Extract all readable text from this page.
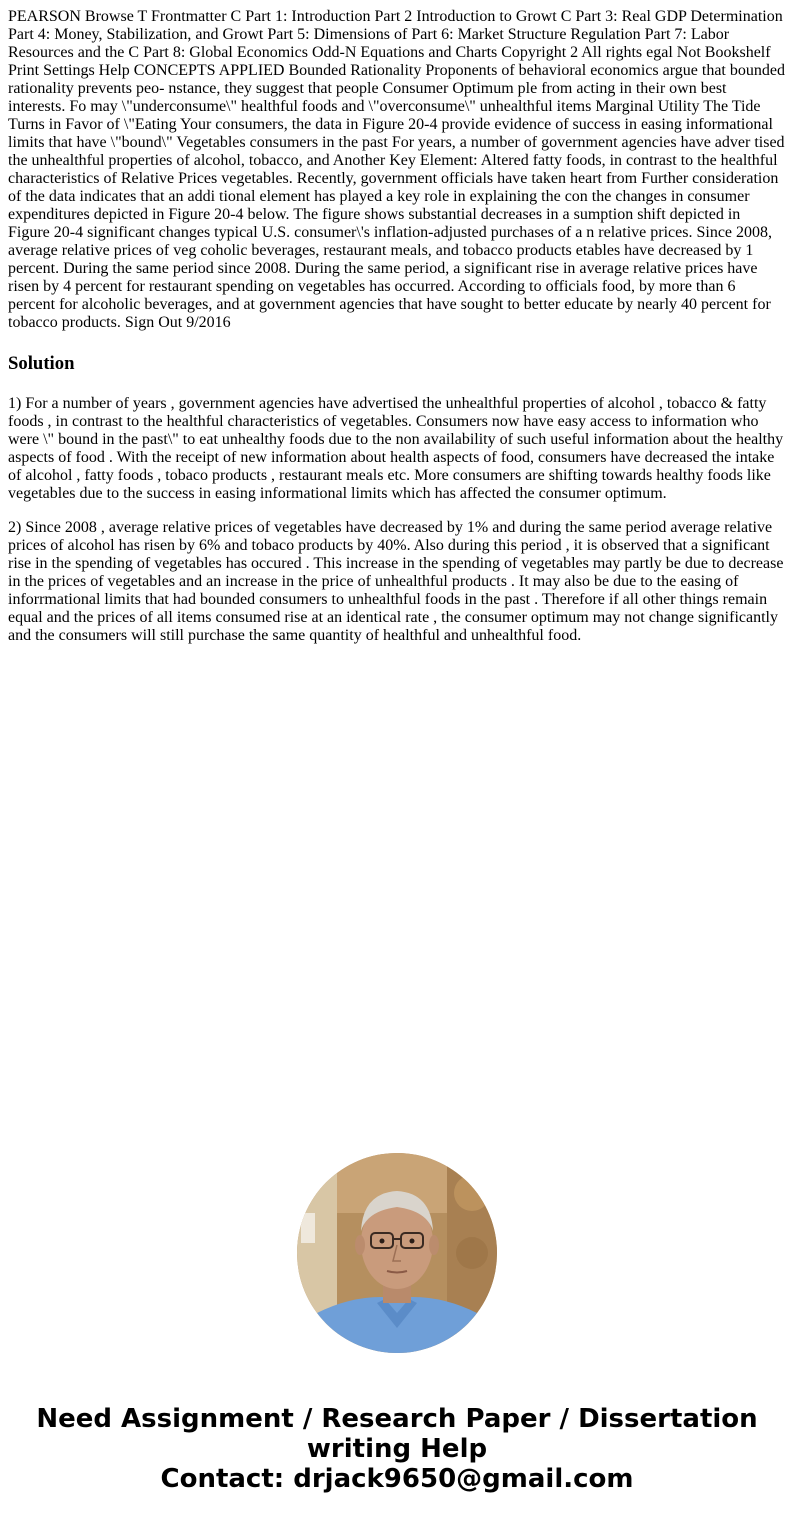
PEARSON Browse T Frontmatter C Part 1: Introduction Part 2 Introduction to Growt C Part 3: Real GDP Determination Part 4: Money, Stabilization, and Growt Part 5: Dimensions of Part 6: Market Structure Regulation Part 7: Labor Resources and the C Part 8: Global Economics Odd-N Equations and Charts Copyright 2 All rights egal Not Bookshelf Print Settings Help CONCEPTS APPLIED Bounded Rationality Proponents of behavioral economics argue that bounded rationality prevents peo- nstance, they suggest that people Consumer Optimum ple from acting in their own best interests. Fo may \"underconsume\" healthful foods and \"overconsume\" unhealthful items Marginal Utility The Tide Turns in Favor of \"Eating Your consumers, the data in Figure 20-4 provide evidence of success in easing informational limits that have \"bound\" Vegetables consumers in the past For years, a number of government agencies have adver tised the unhealthful properties of alcohol, tobacco, and Another Key Element: Altered fatty foods, in contrast to the healthful characteristics of Relative Prices vegetables. Recently, government officials have taken heart from Further consideration of the data indicates that an addi tional element has played a key role in explaining the con the changes in consumer expenditures depicted in Figure 20-4 below. The figure shows substantial decreases in a sumption shift depicted in Figure 20-4 significant changes typical U.S. consumer\'s inflation-adjusted purchases of a n relative prices. Since 2008, average relative prices of veg coholic beverages, restaurant meals, and tobacco products etables have decreased by 1 percent. During the same period since 2008. During the same period, a significant rise in average relative prices have risen by 4 percent for restaurant spending on vegetables has occurred. According to officials food, by more than 6 percent for alcoholic beverages, and at government agencies that have sought to better educate by nearly 40 percent for tobacco products. Sign Out 9/2016

Solution

1) For a number of years , government agencies have advertised the unhealthful properties of alcohol , tobacco & fatty foods , in contrast to the healthful characteristics of vegetables. Consumers now have easy access to information who were \" bound in the past\" to eat unhealthy foods due to the non availability of such useful information about the healthy aspects of food . With the receipt of new information about health aspects of food, consumers have decreased the intake of alcohol , fatty foods , tobaco products , restaurant meals etc. More consumers are shifting towards healthy foods like vegetables due to the success in easing informational limits which has affected the consumer optimum.

2) Since 2008 , average relative prices of vegetables have decreased by 1% and during the same period average relative prices of alcohol has risen by 6% and tobaco products by 40%. Also during this period , it is observed that a significant rise in the spending of vegetables has occured . This increase in the spending of vegetables may partly be due to decrease in the prices of vegetables and an increase in the price of unhealthful products . It may also be due to the easing of inforrmational limits that had bounded consumers to unhealthful foods in the past . Therefore if all other things remain equal and the prices of all items consumed rise at an identical rate , the consumer optimum may not change significantly and the consumers will still purchase the same quantity of healthful and unhealthful food.

Need Assignment / Research Paper / Dissertation
writing Help
Contact: drjack9650@gmail.com
